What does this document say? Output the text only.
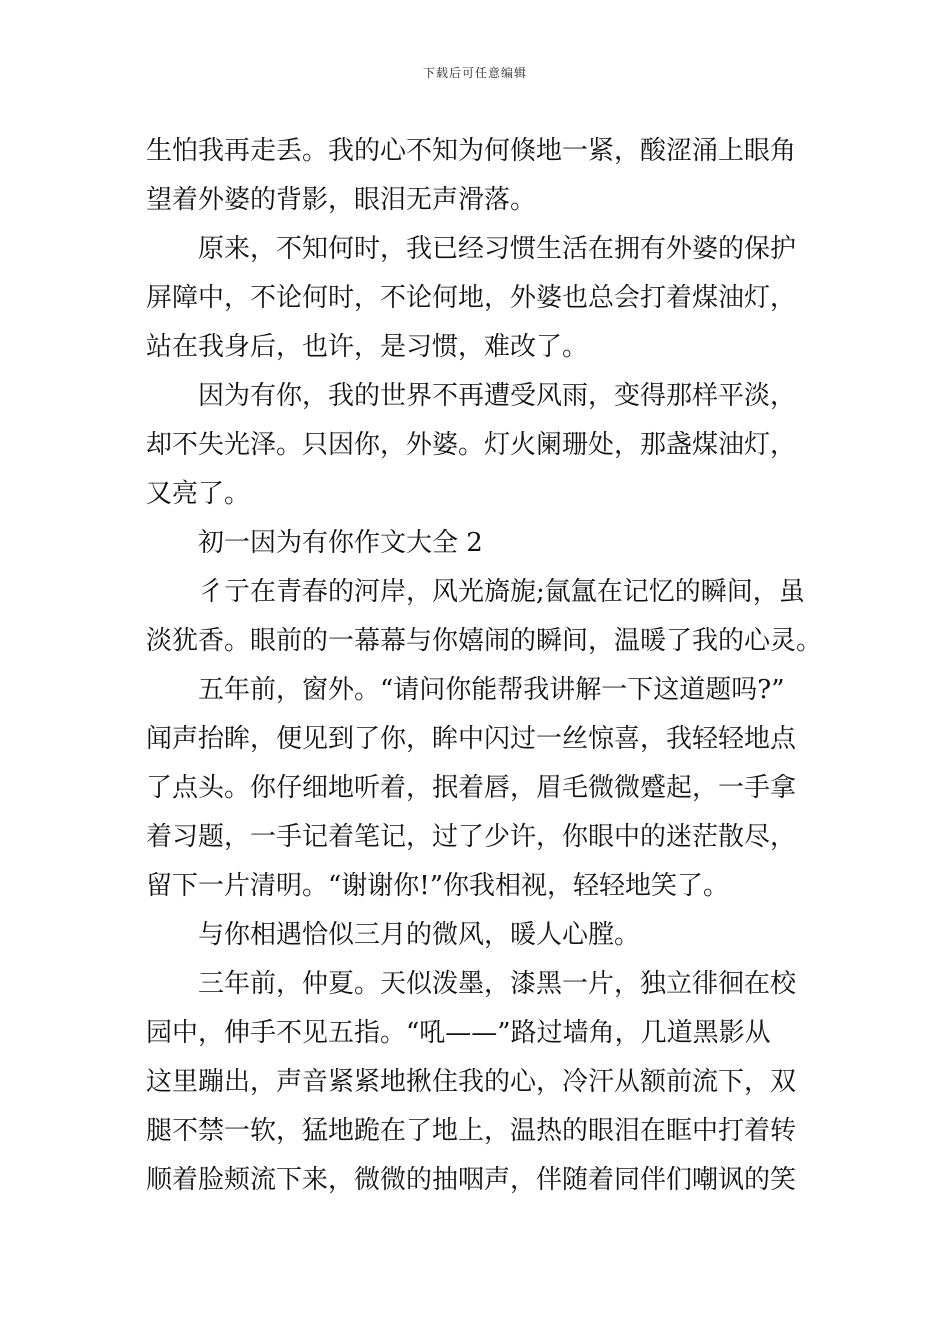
下载后可任意编辑
生怕我再走丢。我的心不知为何倏地一紧，酸涩涌上眼角
望着外婆的背影，眼泪无声滑落。
原来，不知何时，我已经习惯生活在拥有外婆的保护
屏障中，不论何时，不论何地，外婆也总会打着煤油灯，
站在我身后，也许，是习惯，难改了。
因为有你，我的世界不再遭受风雨，变得那样平淡，
却不失光泽。只因你，外婆。灯火阑珊处，那盏煤油灯，
又亮了。
初一因为有你作文大全 2
彳亍在青春的河岸，风光旖旎;氤氲在记忆的瞬间，虽
淡犹香。眼前的一幕幕与你嬉闹的瞬间，温暖了我的心灵。
五年前，窗外。“请问你能帮我讲解一下这道题吗?”
闻声抬眸，便见到了你，眸中闪过一丝惊喜，我轻轻地点
了点头。你仔细地听着，抿着唇，眉毛微微蹙起，一手拿
着习题，一手记着笔记，过了少许，你眼中的迷茫散尽，
留下一片清明。“谢谢你!”你我相视，轻轻地笑了。
与你相遇恰似三月的微风，暖人心膛。
三年前，仲夏。天似泼墨，漆黑一片，独立徘徊在校
园中，伸手不见五指。“吼——”路过墙角，几道黑影从
这里蹦出，声音紧紧地揪住我的心，冷汗从额前流下，双
腿不禁一软，猛地跪在了地上，温热的眼泪在眶中打着转
顺着脸颊流下来，微微的抽咽声，伴随着同伴们嘲讽的笑
